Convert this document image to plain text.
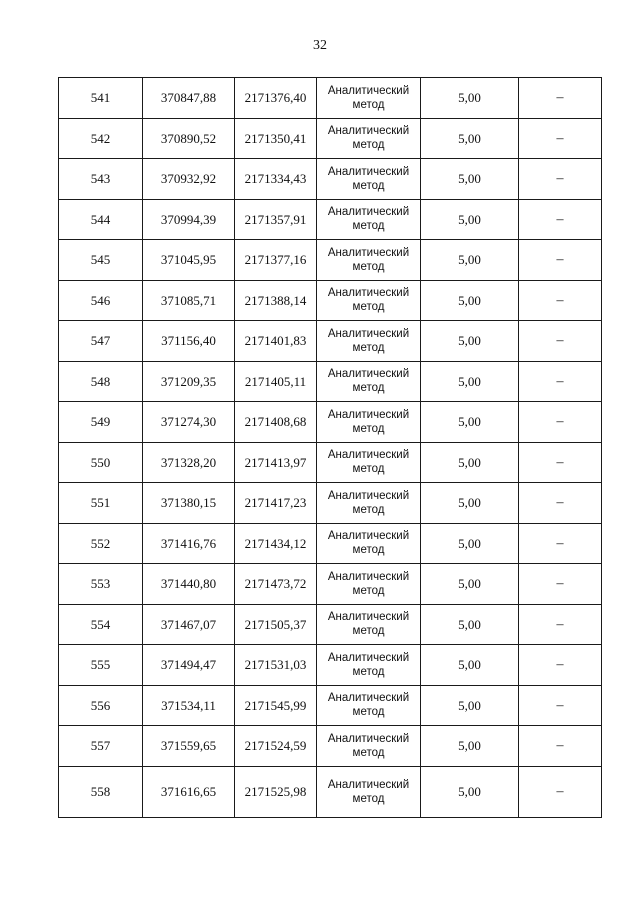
32
541	370847,88	2171376,40	Аналитический метод	5,00	–
542	370890,52	2171350,41	Аналитический метод	5,00	–
543	370932,92	2171334,43	Аналитический метод	5,00	–
544	370994,39	2171357,91	Аналитический метод	5,00	–
545	371045,95	2171377,16	Аналитический метод	5,00	–
546	371085,71	2171388,14	Аналитический метод	5,00	–
547	371156,40	2171401,83	Аналитический метод	5,00	–
548	371209,35	2171405,11	Аналитический метод	5,00	–
549	371274,30	2171408,68	Аналитический метод	5,00	–
550	371328,20	2171413,97	Аналитический метод	5,00	–
551	371380,15	2171417,23	Аналитический метод	5,00	–
552	371416,76	2171434,12	Аналитический метод	5,00	–
553	371440,80	2171473,72	Аналитический метод	5,00	–
554	371467,07	2171505,37	Аналитический метод	5,00	–
555	371494,47	2171531,03	Аналитический метод	5,00	–
556	371534,11	2171545,99	Аналитический метод	5,00	–
557	371559,65	2171524,59	Аналитический метод	5,00	–
558	371616,65	2171525,98	Аналитический метод	5,00	–
